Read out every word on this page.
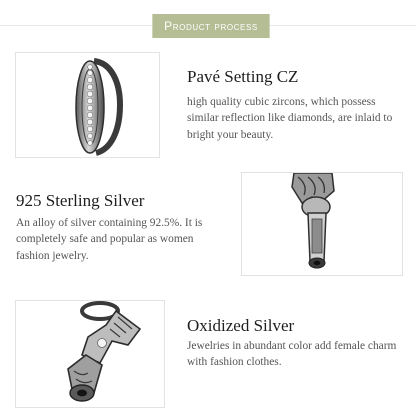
Product process
Pavé Setting CZ

high quality cubic zircons, which possess similar reflection like diamonds, are inlaid to bright your beauty.

925 Sterling Silver

An alloy of silver containing 92.5%. It is completely safe and popular as women fashion jewelry.

Oxidized Silver

Jewelries in abundant color add female charm with fashion clothes.
